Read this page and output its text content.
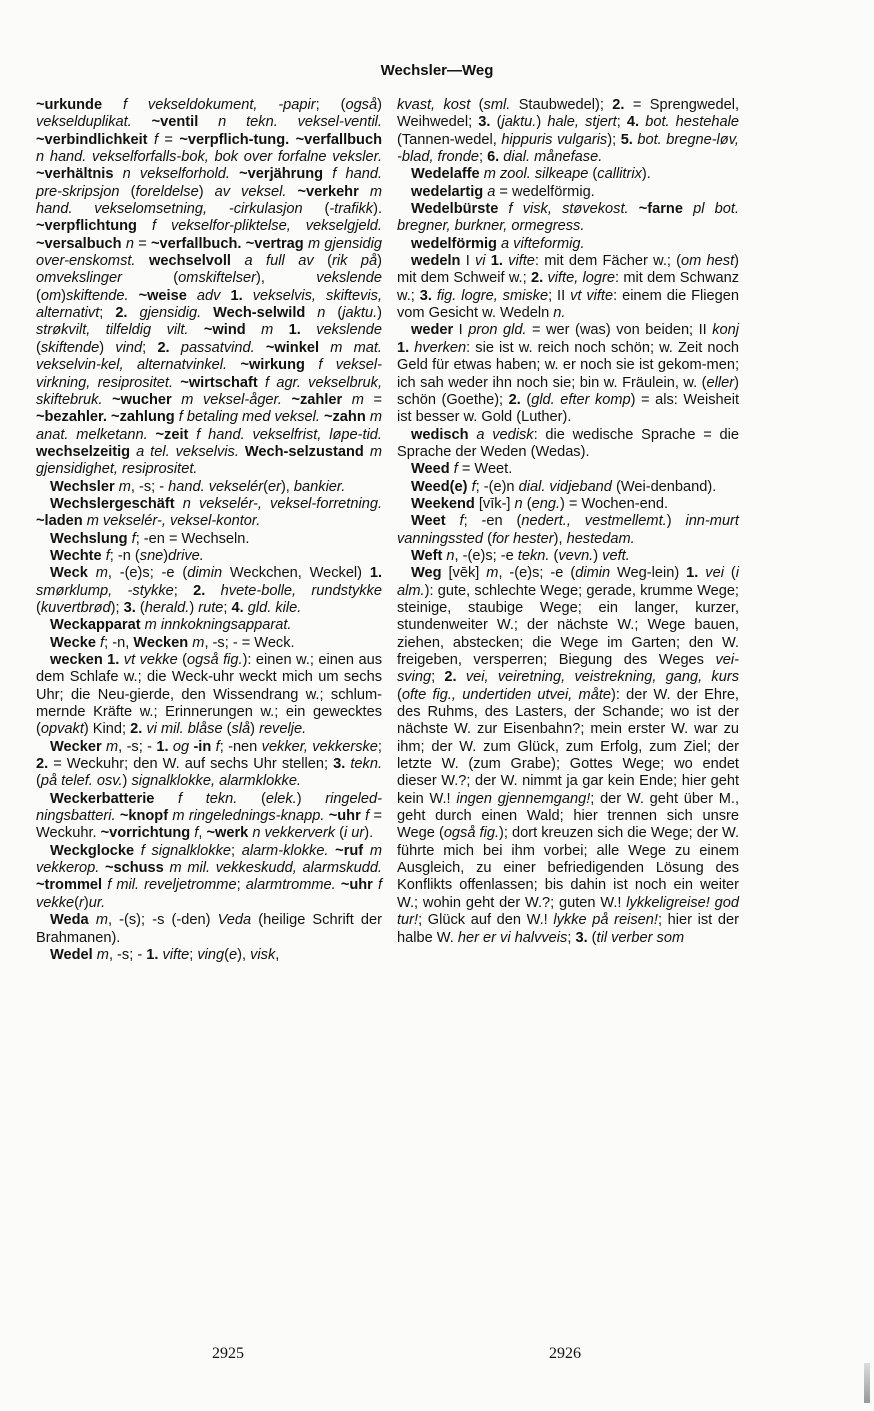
Wechsler—Weg

~urkunde f vekseldokument, -papir; (også) vekselduplikat. ~ventil n tekn. veksel-ventil. ~verbindlichkeit f = ~verpflich-tung. ~verfallbuch n hand. vekselforfalls-bok, bok over forfalne veksler. ~verhältnis n vekselforhold. ~verjährung f hand. pre-skripsjon (foreldelse) av veksel. ~verkehr m hand. vekselomsetning, -cirkulasjon (-trafikk). ~verpflichtung f vekselfor-pliktelse, vekselgjeld. ~versalbuch n = ~verfallbuch. ~vertrag m gjensidig over-enskomst. wechselvoll a full av (rik på) omvekslinger (omskiftelser), vekslende (om)skiftende. ~weise adv 1. vekselvis, skiftevis, alternativt; 2. gjensidig. Wech-selwild n (jaktu.) strøkvilt, tilfeldig vilt. ~wind m 1. vekslende (skiftende) vind; 2. passatvind. ~winkel m mat. vekselvin-kel, alternatvinkel. ~wirkung f veksel-virkning, resiprositet. ~wirtschaft f agr. vekselbruk, skiftebruk. ~wucher m veksel-åger. ~zahler m = ~bezahler. ~zahlung f betaling med veksel. ~zahn m anat. melketann. ~zeit f hand. vekselfrist, løpe-tid. wechselzeitig a tel. vekselvis. Wech-selzustand m gjensidighet, resiprositet.

Wechsler m, -s; - hand. vekselér(er), bankier.

Wechslergeschäft n vekselér-, veksel-forretning. ~laden m vekselér-, veksel-kontor.

Wechslung f; -en = Wechseln.

Wechte f; -n (sne)drive.

Weck m, -(e)s; -e (dimin Weckchen, Weckel) 1. smørklump, -stykke; 2. hvete-bolle, rundstykke (kuvertbrød); 3. (herald.) rute; 4. gld. kile.

Weckapparat m innkokningsapparat.

Wecke f; -n, Wecken m, -s; - = Weck.

wecken 1. vt vekke (også fig.): einen w.; einen aus dem Schlafe w.; die Weck-uhr weckt mich um sechs Uhr; die Neu-gierde, den Wissendrang w.; schlum-mernde Kräfte w.; Erinnerungen w.; ein gewecktes (opvakt) Kind; 2. vi mil. blåse (slå) revelje.

Wecker m, -s; - 1. og -in f; -nen vekker, vekkerske; 2. = Weckuhr; den W. auf sechs Uhr stellen; 3. tekn. (på telef. osv.) signalklokke, alarmklokke.

Weckerbatterie f tekn. (elek.) ringeled-ningsbatteri. ~knopf m ringelednings-knapp. ~uhr f = Weckuhr. ~vorrichtung f, ~werk n vekkerverk (i ur).

Weckglocke f signalklokke; alarm-klokke. ~ruf m vekkerop. ~schuss m mil. vekkeskudd, alarmskudd. ~trommel f mil. reveljetromme; alarmtromme. ~uhr f vekke(r)ur.

Weda m, -(s); -s (-den) Veda (heilige Schrift der Brahmanen).

Wedel m, -s; - 1. vifte; ving(e), visk,

kvast, kost (sml. Staubwedel); 2. = Sprengwedel, Weihwedel; 3. (jaktu.) hale, stjert; 4. bot. hestehale (Tannen-wedel, hippuris vulgaris); 5. bot. bregne-løv, -blad, fronde; 6. dial. månefase.

Wedelaffe m zool. silkeape (callitrix).

wedelartig a = wedelförmig.

Wedelbürste f visk, støvekost. ~farne pl bot. bregner, burkner, ormegress.

wedelförmig a vifteformig.

wedeln I vi 1. vifte: mit dem Fächer w.; (om hest) mit dem Schweif w.; 2. vifte, logre: mit dem Schwanz w.; 3. fig. logre, smiske; II vt vifte: einem die Fliegen vom Gesicht w. Wedeln n.

weder I pron gld. = wer (was) von beiden; II konj 1. hverken: sie ist w. reich noch schön; w. Zeit noch Geld für etwas haben; w. er noch sie ist gekom-men; ich sah weder ihn noch sie; bin w. Fräulein, w. (eller) schön (Goethe); 2. (gld. efter komp) = als: Weisheit ist besser w. Gold (Luther).

wedisch a vedisk: die wedische Sprache = die Sprache der Weden (Wedas).

Weed f = Weet.

Weed(e) f; -(e)n dial. vidjeband (Wei-denband).

Weekend [vīk-] n (eng.) = Wochen-end.

Weet f; -en (nedert., vestmellemt.) inn-murt vanningssted (for hester), hestedam.

Weft n, -(e)s; -e tekn. (vevn.) veft.

Weg [vēk] m, -(e)s; -e (dimin Weg-lein) 1. vei (i alm.): gute, schlechte Wege; gerade, krumme Wege; steinige, staubige Wege; ein langer, kurzer, stundenweiter W.; der nächste W.; Wege bauen, ziehen, abstecken; die Wege im Garten; den W. freigeben, versperren; Biegung des Weges vei-sving; 2. vei, veiretning, veistrekning, gang, kurs (ofte fig., undertiden utvei, måte): der W. der Ehre, des Ruhms, des Lasters, der Schande; wo ist der nächste W. zur Eisenbahn?; mein erster W. war zu ihm; der W. zum Glück, zum Erfolg, zum Ziel; der letzte W. (zum Grabe); Gottes Wege; wo endet dieser W.?; der W. nimmt ja gar kein Ende; hier geht kein W.! ingen gjennemgang!; der W. geht über M., geht durch einen Wald; hier trennen sich unsre Wege (også fig.); dort kreuzen sich die Wege; der W. führte mich bei ihm vorbei; alle Wege zu einem Ausgleich, zu einer befriedigenden Lösung des Konflikts offenlassen; bis dahin ist noch ein weiter W.; wohin geht der W.?; guten W.! lykkeligreise! god tur!; Glück auf den W.! lykke på reisen!; hier ist der halbe W. her er vi halvveis; 3. (til verber som

2925	2926
